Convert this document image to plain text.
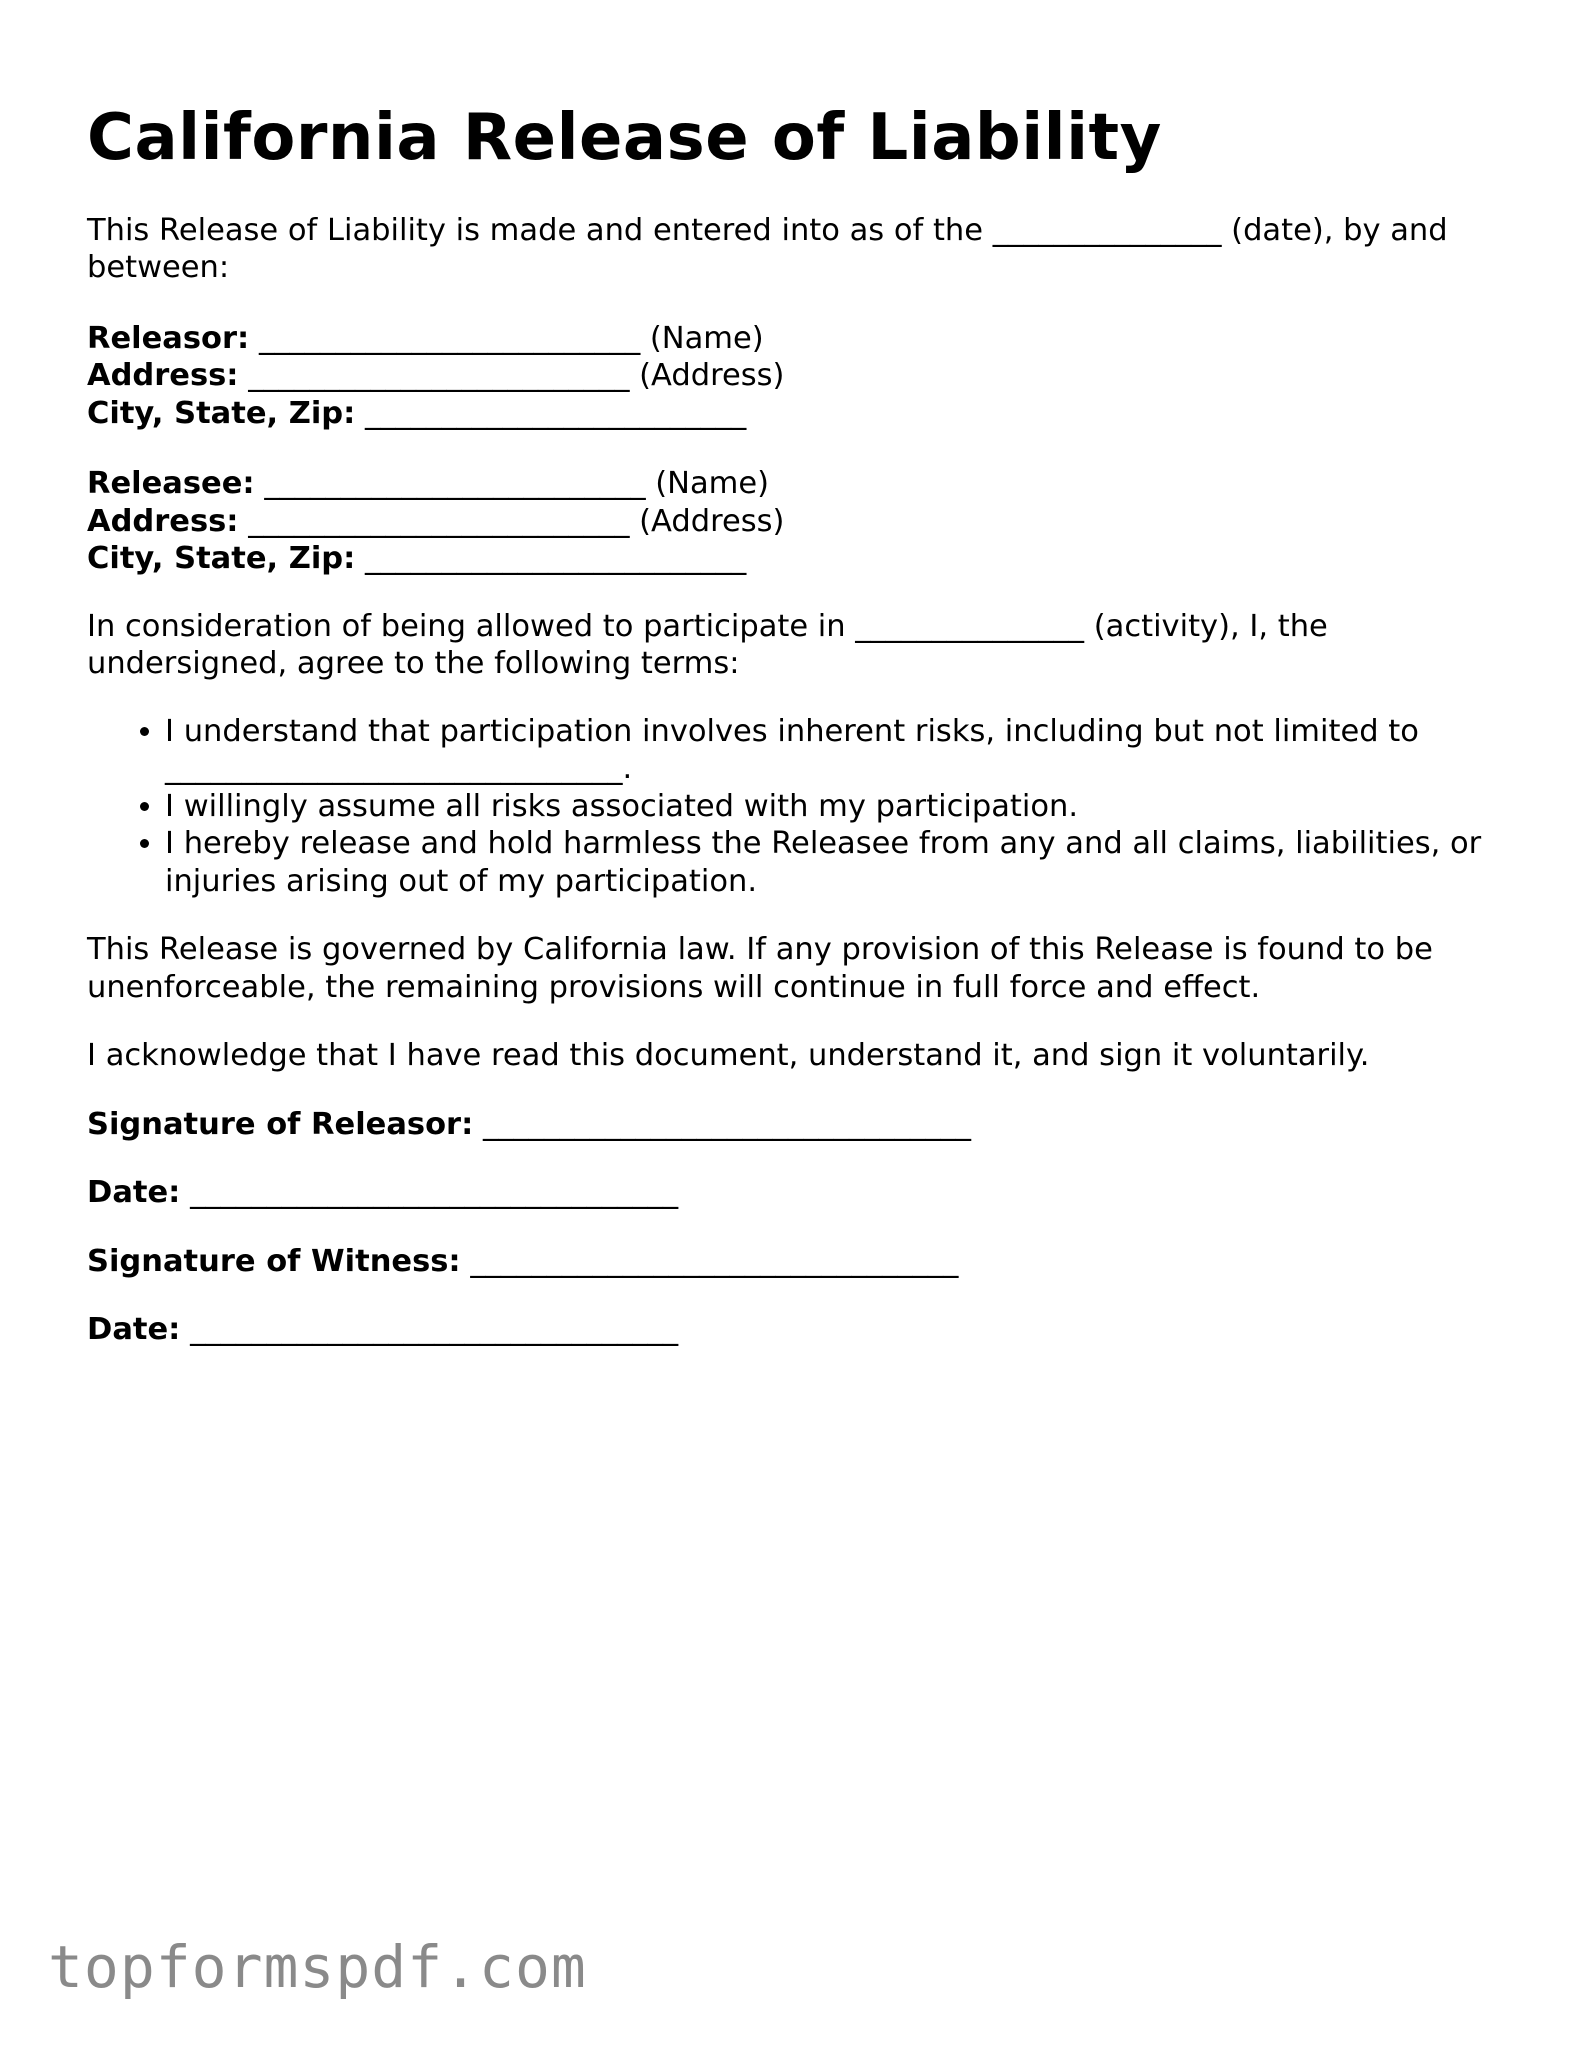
California Release of Liability

This Release of Liability is made and entered into as of the _______________ (date), by and between:

Releasor: _________________________ (Name)
Address: _________________________ (Address)
City, State, Zip: _________________________
Releasee: _________________________ (Name)
Address: _________________________ (Address)
City, State, Zip: _________________________

In consideration of being allowed to participate in _______________ (activity), I, the undersigned, agree to the following terms:

• I understand that participation involves inherent risks, including but not limited to ______________________________.
• I willingly assume all risks associated with my participation.
• I hereby release and hold harmless the Releasee from any and all claims, liabilities, or injuries arising out of my participation.

This Release is governed by California law. If any provision of this Release is found to be unenforceable, the remaining provisions will continue in full force and effect.

I acknowledge that I have read this document, understand it, and sign it voluntarily.

Signature of Releasor: ________________________________

Date: ________________________________

Signature of Witness: ________________________________

Date: ________________________________

topformspdf.com
